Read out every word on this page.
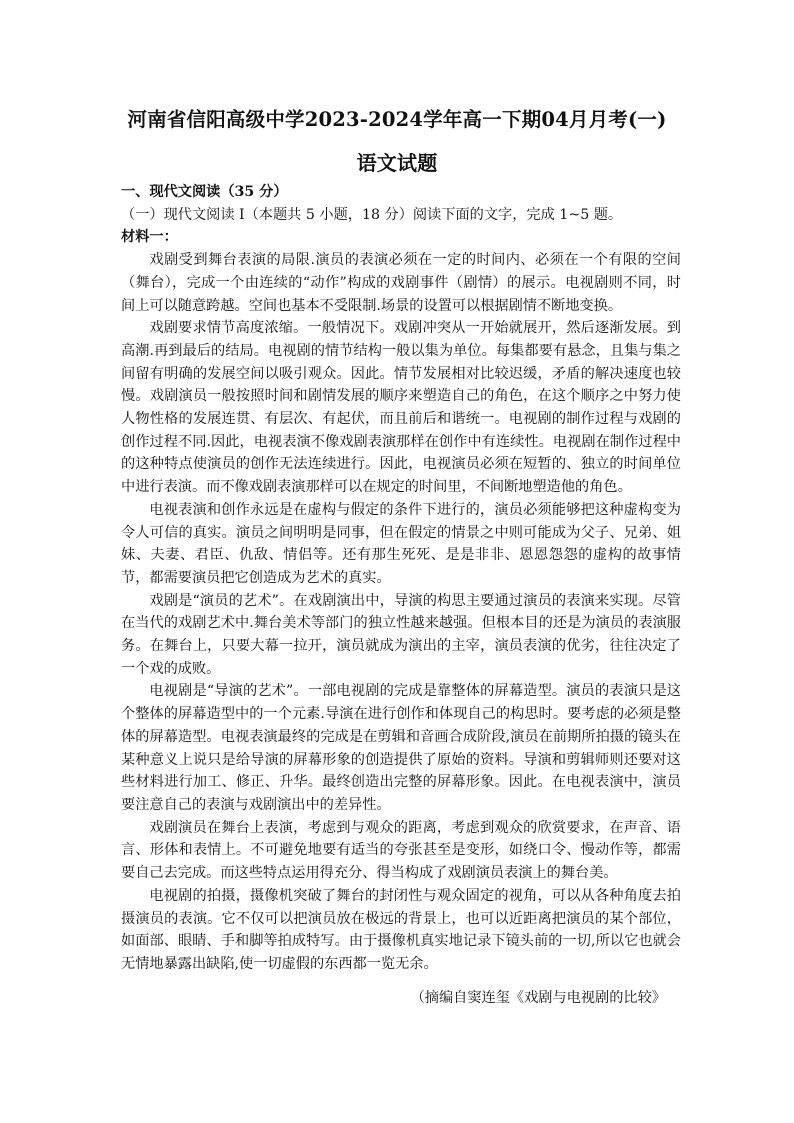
河南省信阳高级中学2023-2024学年高一下期04月月考(一)
语文试题
一、现代文阅读（35 分）
（一）现代文阅读 I（本题共 5 小题，18 分）阅读下面的文字，完成 1~5 题。
材料一：

戏剧受到舞台表演的局限.演员的表演必须在一定的时间内、必须在一个有限的空间（舞台），完成一个由连续的“动作”构成的戏剧事件（剧情）的展示。电视剧则不同，时间上可以随意跨越。空间也基本不受限制.场景的设置可以根据剧情不断地变换。

戏剧要求情节高度浓缩。一般情况下。戏剧冲突从一开始就展开，然后逐渐发展。到高潮.再到最后的结局。电视剧的情节结构一般以集为单位。每集都要有悬念，且集与集之间留有明确的发展空间以吸引观众。因此。情节发展相对比较迟缓，矛盾的解决速度也较慢。戏剧演员一般按照时间和剧情发展的顺序来塑造自己的角色，在这个顺序之中努力使人物性格的发展连贯、有层次、有起伏，而且前后和谐统一。电视剧的制作过程与戏剧的创作过程不同.因此，电视表演不像戏剧表演那样在创作中有连续性。电视剧在制作过程中的这种特点使演员的创作无法连续进行。因此，电视演员必须在短暂的、独立的时间单位中进行表演。而不像戏剧表演那样可以在规定的时间里，不间断地塑造他的角色。

电视表演和创作永远是在虚构与假定的条件下进行的，演员必须能够把这种虚构变为令人可信的真实。演员之间明明是同事，但在假定的情景之中则可能成为父子、兄弟、姐妹、夫妻、君臣、仇敌、情侣等。还有那生死死、是是非非、恩恩怨怨的虚构的故事情节，都需要演员把它创造成为艺术的真实。

戏剧是“演员的艺术”。在戏剧演出中，导演的构思主要通过演员的表演来实现。尽管在当代的戏剧艺术中.舞台美术等部门的独立性越来越强。但根本目的还是为演员的表演服务。在舞台上，只要大幕一拉开，演员就成为演出的主宰，演员表演的优劣，往往决定了一个戏的成败。

电视剧是“导演的艺术”。一部电视剧的完成是靠整体的屏幕造型。演员的表演只是这个整体的屏幕造型中的一个元素.导演在进行创作和体现自己的构思时。要考虑的必须是整体的屏幕造型。电视表演最终的完成是在剪辑和音画合成阶段,演员在前期所拍摄的镜头在某种意义上说只是给导演的屏幕形象的创造提供了原始的资料。导演和剪辑师则还要对这些材料进行加工、修正、升华。最终创造出完整的屏幕形象。因此。在电视表演中，演员要注意自己的表演与戏剧演出中的差异性。

戏剧演员在舞台上表演，考虑到与观众的距离，考虑到观众的欣赏要求，在声音、语言、形体和表情上。不可避免地要有适当的夸张甚至是变形，如绕口令、慢动作等，都需要自己去完成。而这些特点运用得充分、得当构成了戏剧演员表演上的舞台美。

电视剧的拍摄，摄像机突破了舞台的封闭性与观众固定的视角，可以从各种角度去拍摄演员的表演。它不仅可以把演员放在极远的背景上，也可以近距离把演员的某个部位，如面部、眼睛、手和脚等拍成特写。由于摄像机真实地记录下镜头前的一切,所以它也就会无情地暴露出缺陷,使一切虚假的东西都一览无余。

（摘编自窦连玺《戏剧与电视剧的比较》
